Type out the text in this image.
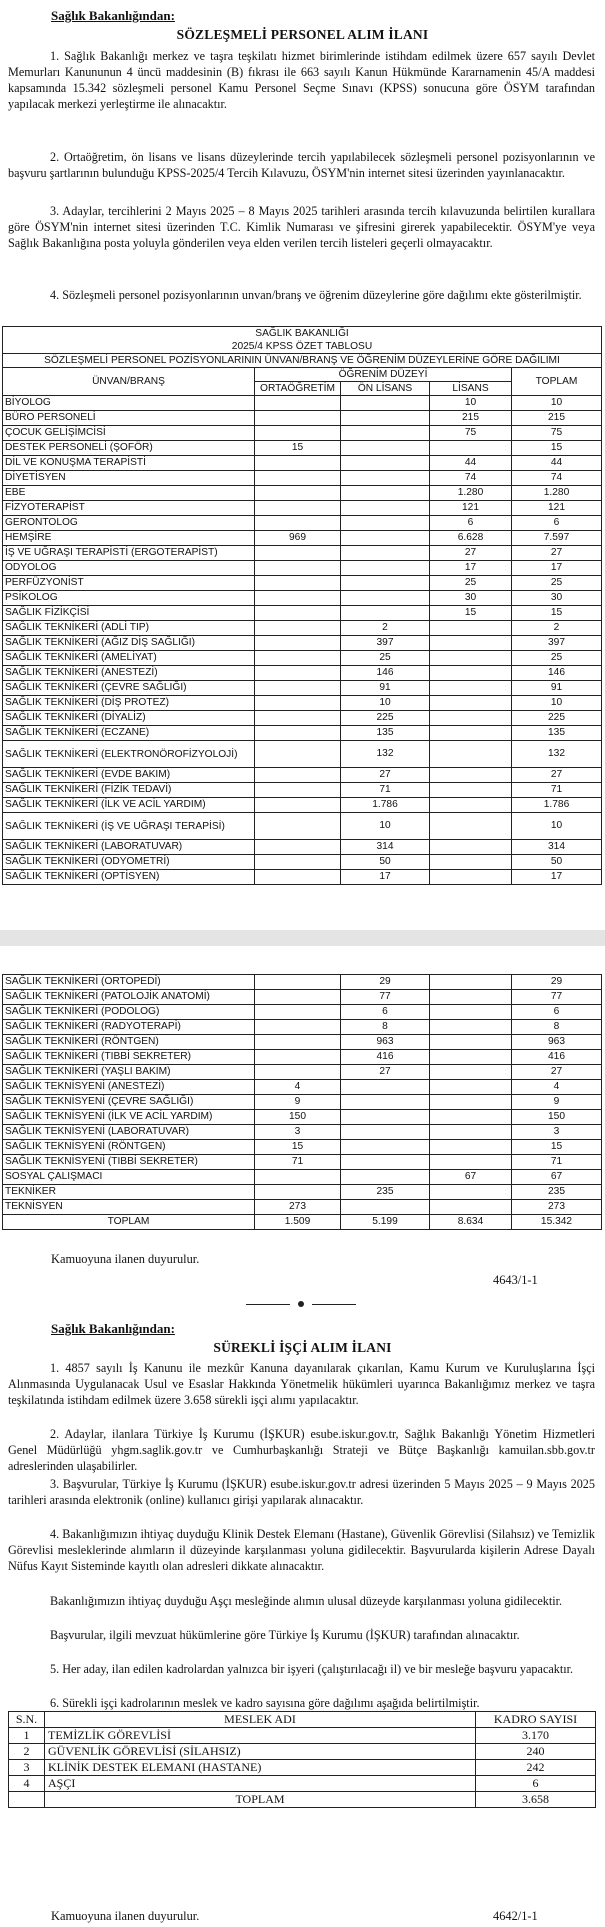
Sağlık Bakanlığından:
SÖZLEŞMELİ PERSONEL ALIM İLANI

1. Sağlık Bakanlığı merkez ve taşra teşkilatı hizmet birimlerinde istihdam edilmek üzere 657 sayılı Devlet Memurları Kanununun 4 üncü maddesinin (B) fıkrası ile 663 sayılı Kanun Hükmünde Kararnamenin 45/A maddesi kapsamında 15.342 sözleşmeli personel Kamu Personel Seçme Sınavı (KPSS) sonucuna göre ÖSYM tarafından yapılacak merkezi yerleştirme ile alınacaktır.

2. Ortaöğretim, ön lisans ve lisans düzeylerinde tercih yapılabilecek sözleşmeli personel pozisyonlarının ve başvuru şartlarının bulunduğu KPSS-2025/4 Tercih Kılavuzu, ÖSYM'nin internet sitesi üzerinden yayınlanacaktır.

3. Adaylar, tercihlerini 2 Mayıs 2025 – 8 Mayıs 2025 tarihleri arasında tercih kılavuzunda belirtilen kurallara göre ÖSYM'nin internet sitesi üzerinden T.C. Kimlik Numarası ve şifresini girerek yapabilecektir. ÖSYM'ye veya Sağlık Bakanlığına posta yoluyla gönderilen veya elden verilen tercih listeleri geçerli olmayacaktır.

4. Sözleşmeli personel pozisyonlarının unvan/branş ve öğrenim düzeylerine göre dağılımı ekte gösterilmiştir.

SAĞLIK BAKANLIĞI				
2025/4 KPSS ÖZET TABLOSU				
SÖZLEŞMELİ PERSONEL POZİSYONLARININ ÜNVAN/BRANŞ VE ÖĞRENİM DÜZEYLERİNE GÖRE DAĞILIMI				
ÜNVAN/BRANŞ	ÖĞRENİM DÜZEYİ			TOPLAM
	ORTAÖĞRETİM	ÖN LİSANS	LİSANS	
BİYOLOG			10	10
BÜRO PERSONELİ			215	215
ÇOCUK GELİŞİMCİSİ			75	75
DESTEK PERSONELİ (ŞOFÖR)	15			15
DİL VE KONUŞMA TERAPİSTİ			44	44
DİYETİSYEN			74	74
EBE			1.280	1.280
FİZYOTERAPİST			121	121
GERONTOLOG			6	6
HEMŞİRE	969		6.628	7.597
İŞ VE UĞRAŞI TERAPİSTİ (ERGOTERAPİST)			27	27
ODYOLOG			17	17
PERFÜZYONİST			25	25
PSİKOLOG			30	30
SAĞLIK FİZİKÇİSİ			15	15
SAĞLIK TEKNİKERİ (ADLİ TIP)		2		2
SAĞLIK TEKNİKERİ (AĞIZ DİŞ SAĞLIĞI)		397		397
SAĞLIK TEKNİKERİ (AMELİYAT)		25		25
SAĞLIK TEKNİKERİ (ANESTEZİ)		146		146
SAĞLIK TEKNİKERİ (ÇEVRE SAĞLIĞI)		91		91
SAĞLIK TEKNİKERİ (DİŞ PROTEZ)		10		10
SAĞLIK TEKNİKERİ (DİYALİZ)		225		225
SAĞLIK TEKNİKERİ (ECZANE)		135		135
SAĞLIK TEKNİKERİ (ELEKTRONÖROFİZYOLOJİ)		132		132
SAĞLIK TEKNİKERİ (EVDE BAKIM)		27		27
SAĞLIK TEKNİKERİ (FİZİK TEDAVİ)		71		71
SAĞLIK TEKNİKERİ (İLK VE ACİL YARDIM)		1.786		1.786
SAĞLIK TEKNİKERİ (İŞ VE UĞRAŞI TERAPİSİ)		10		10
SAĞLIK TEKNİKERİ (LABORATUVAR)		314		314
SAĞLIK TEKNİKERİ (ODYOMETRİ)		50		50
SAĞLIK TEKNİKERİ (OPTİSYEN)		17		17
SAĞLIK TEKNİKERİ (ORTOPEDİ)		29		29
SAĞLIK TEKNİKERİ (PATOLOJİK ANATOMİ)		77		77
SAĞLIK TEKNİKERİ (PODOLOG)		6		6
SAĞLIK TEKNİKERİ (RADYOTERAPİ)		8		8
SAĞLIK TEKNİKERİ (RÖNTGEN)		963		963
SAĞLIK TEKNİKERİ (TIBBİ SEKRETER)		416		416
SAĞLIK TEKNİKERİ (YAŞLI BAKIM)		27		27
SAĞLIK TEKNİSYENİ (ANESTEZİ)	4			4
SAĞLIK TEKNİSYENİ (ÇEVRE SAĞLIĞI)	9			9
SAĞLIK TEKNİSYENİ (İLK VE ACİL YARDIM)	150			150
SAĞLIK TEKNİSYENİ (LABORATUVAR)	3			3
SAĞLIK TEKNİSYENİ (RÖNTGEN)	15			15
SAĞLIK TEKNİSYENİ (TIBBİ SEKRETER)	71			71
SOSYAL ÇALIŞMACI			67	67
TEKNİKER		235		235
TEKNİSYEN	273			273
TOPLAM	1.509	5.199	8.634	15.342
Kamuoyuna ilanen duyurulur.
4643/1-1
Sağlık Bakanlığından:
SÜREKLİ İŞÇİ ALIM İLANI

1. 4857 sayılı İş Kanunu ile mezkûr Kanuna dayanılarak çıkarılan, Kamu Kurum ve Kuruluşlarına İşçi Alınmasında Uygulanacak Usul ve Esaslar Hakkında Yönetmelik hükümleri uyarınca Bakanlığımız merkez ve taşra teşkilatında istihdam edilmek üzere 3.658 sürekli işçi alımı yapılacaktır.

2. Adaylar, ilanlara Türkiye İş Kurumu (İŞKUR) esube.iskur.gov.tr, Sağlık Bakanlığı Yönetim Hizmetleri Genel Müdürlüğü yhgm.saglik.gov.tr ve Cumhurbaşkanlığı Strateji ve Bütçe Başkanlığı kamuilan.sbb.gov.tr adreslerinden ulaşabilirler.

3. Başvurular, Türkiye İş Kurumu (İŞKUR) esube.iskur.gov.tr adresi üzerinden 5 Mayıs 2025 – 9 Mayıs 2025 tarihleri arasında elektronik (online) kullanıcı girişi yapılarak alınacaktır.

4. Bakanlığımızın ihtiyaç duyduğu Klinik Destek Elemanı (Hastane), Güvenlik Görevlisi (Silahsız) ve Temizlik Görevlisi mesleklerinde alımların il düzeyinde karşılanması yoluna gidilecektir. Başvurularda kişilerin Adrese Dayalı Nüfus Kayıt Sisteminde kayıtlı olan adresleri dikkate alınacaktır.

Bakanlığımızın ihtiyaç duyduğu Aşçı mesleğinde alımın ulusal düzeyde karşılanması yoluna gidilecektir.

Başvurular, ilgili mevzuat hükümlerine göre Türkiye İş Kurumu (İŞKUR) tarafından alınacaktır.

5. Her aday, ilan edilen kadrolardan yalnızca bir işyeri (çalıştırılacağı il) ve bir mesleğe başvuru yapacaktır.

6. Sürekli işçi kadrolarının meslek ve kadro sayısına göre dağılımı aşağıda belirtilmiştir.

S.N.	MESLEK ADI	KADRO SAYISI
1	TEMİZLİK GÖREVLİSİ	3.170
2	GÜVENLİK GÖREVLİSİ (SİLAHSIZ)	240
3	KLİNİK DESTEK ELEMANI (HASTANE)	242
4	AŞÇI	6
	TOPLAM	3.658
Kamuoyuna ilanen duyurulur.	4642/1-1
